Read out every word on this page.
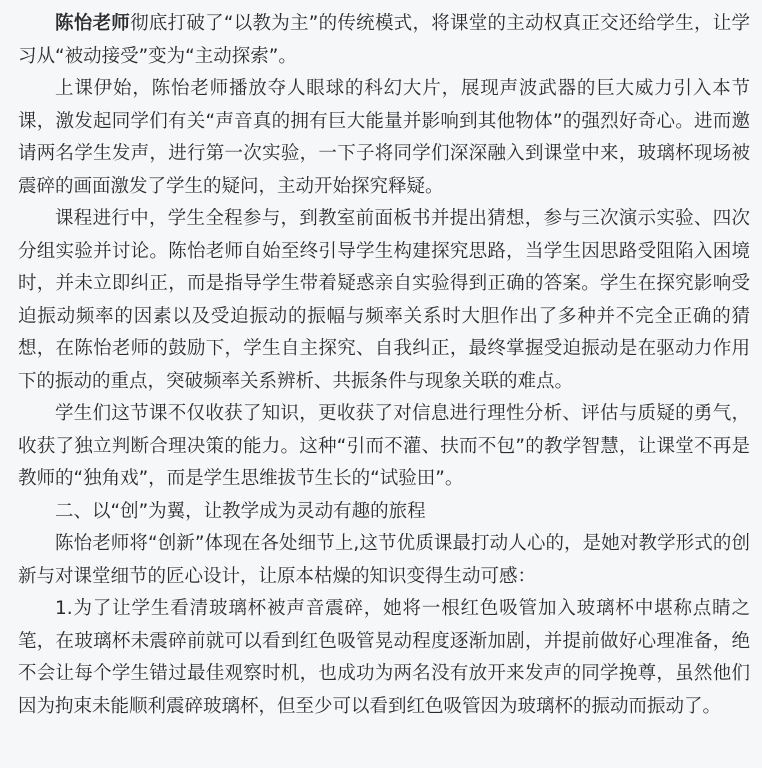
陈怡老师彻底打破了“以教为主”的传统模式，将课堂的主动权真正交还给学生，让学习从“被动接受”变为“主动探索”。

上课伊始，陈怡老师播放夺人眼球的科幻大片，展现声波武器的巨大威力引入本节课，激发起同学们有关“声音真的拥有巨大能量并影响到其他物体”的强烈好奇心。进而邀请两名学生发声，进行第一次实验，一下子将同学们深深融入到课堂中来，玻璃杯现场被震碎的画面激发了学生的疑问，主动开始探究释疑。

课程进行中，学生全程参与，到教室前面板书并提出猜想，参与三次演示实验、四次分组实验并讨论。陈怡老师自始至终引导学生构建探究思路，当学生因思路受阻陷入困境时，并未立即纠正，而是指导学生带着疑惑亲自实验得到正确的答案。学生在探究影响受迫振动频率的因素以及受迫振动的振幅与频率关系时大胆作出了多种并不完全正确的猜想，在陈怡老师的鼓励下，学生自主探究、自我纠正，最终掌握受迫振动是在驱动力作用下的振动的重点，突破频率关系辨析、共振条件与现象关联的难点。

学生们这节课不仅收获了知识，更收获了对信息进行理性分析、评估与质疑的勇气，收获了独立判断合理决策的能力。这种“引而不灌、扶而不包”的教学智慧，让课堂不再是教师的“独角戏”，而是学生思维拔节生长的“试验田”。

二、以“创”为翼，让教学成为灵动有趣的旅程

陈怡老师将“创新”体现在各处细节上,这节优质课最打动人心的，是她对教学形式的创新与对课堂细节的匠心设计，让原本枯燥的知识变得生动可感：

1.为了让学生看清玻璃杯被声音震碎，她将一根红色吸管加入玻璃杯中堪称点睛之笔，在玻璃杯未震碎前就可以看到红色吸管晃动程度逐渐加剧，并提前做好心理准备，绝不会让每个学生错过最佳观察时机，也成功为两名没有放开来发声的同学挽尊，虽然他们因为拘束未能顺利震碎玻璃杯，但至少可以看到红色吸管因为玻璃杯的振动而振动了。
